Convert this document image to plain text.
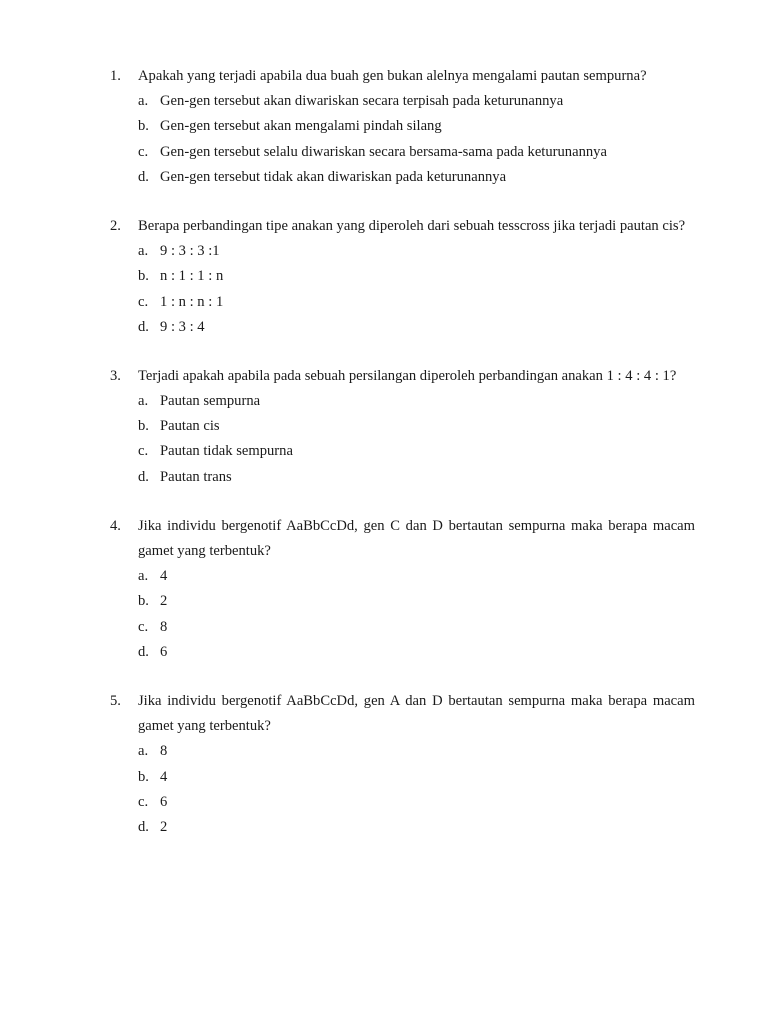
1. Apakah yang terjadi apabila dua buah gen bukan alelnya mengalami pautan sempurna?
a. Gen-gen tersebut akan diwariskan secara terpisah pada keturunannya
b. Gen-gen tersebut akan mengalami pindah silang
c. Gen-gen tersebut selalu diwariskan secara bersama-sama pada keturunannya
d. Gen-gen tersebut tidak akan diwariskan pada keturunannya
2. Berapa perbandingan tipe anakan yang diperoleh dari sebuah tesscross jika terjadi pautan cis?
a. 9 : 3 : 3 :1
b. n : 1 : 1 : n
c. 1 : n : n : 1
d. 9 : 3 : 4
3. Terjadi apakah apabila pada sebuah persilangan diperoleh perbandingan anakan 1 : 4 : 4 : 1?
a. Pautan sempurna
b. Pautan cis
c. Pautan tidak sempurna
d. Pautan trans
4. Jika individu bergenotif AaBbCcDd, gen C dan D bertautan sempurna maka berapa macam gamet yang terbentuk?
a. 4
b. 2
c. 8
d. 6
5. Jika individu bergenotif AaBbCcDd, gen A dan D bertautan sempurna maka berapa macam gamet yang terbentuk?
a. 8
b. 4
c. 6
d. 2
